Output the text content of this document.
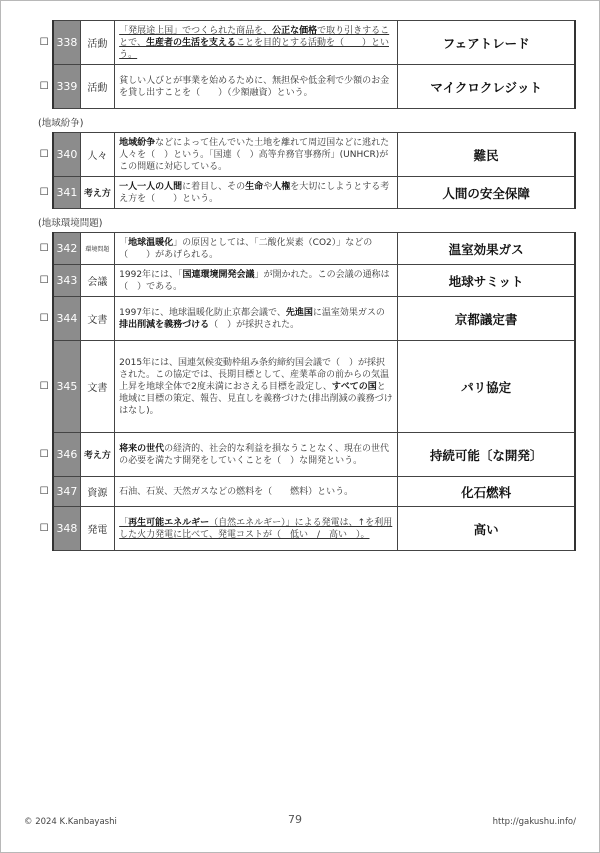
☐	338	活動	「発展途上国」でつくられた商品を、公正な価格で取り引きすることで、生産者の生活を支えることを目的とする活動を（　　）という。	フェアトレード
☐	339	活動	貧しい人びとが事業を始めるために、無担保や低金利で少額のお金を貸し出すことを（　　）（少額融資）という。	マイクロクレジット
(地域紛争)
☐	340	人々	地域紛争などによって住んでいた土地を離れて周辺国などに逃れた人々を（　）という。「国連（　）高等弁務官事務所」(UNHCR)がこの問題に対応している。	難民
☐	341	考え方	一人一人の人間に着目し、その生命や人権を大切にしようとする考え方を（　　）という。	人間の安全保障
(地球環境問題)
☐	342	環境問題	「地球温暖化」の原因としては、「二酸化炭素（CO2）」などの（　　）があげられる。	温室効果ガス
☐	343	会議	1992年には、「国連環境開発会議」が開かれた。この会議の通称は（　）である。	地球サミット
☐	344	文書	1997年に、地球温暖化防止京都会議で、先進国に温室効果ガスの排出削減を義務づける（　）が採択された。	京都議定書
☐	345	文書	2015年には、国連気候変動枠組み条約締約国会議で（　）が採択された。この協定では、長期目標として、産業革命の前からの気温上昇を地球全体で2度未満におさえる目標を設定し、すべての国と地域に目標の策定、報告、見直しを義務づけた(排出削減の義務づけはなし)。	パリ協定
☐	346	考え方	将来の世代の経済的、社会的な利益を損なうことなく、現在の世代の必要を満たす開発をしていくことを（　）な開発という。	持続可能〔な開発〕
☐	347	資源	石油、石炭、天然ガスなどの燃料を（　　燃料）という。	化石燃料
☐	348	発電	「再生可能エネルギー（自然エネルギー）」による発電は、↑を利用した火力発電に比べて、発電コストが（　低い　/　高い　）。	高い
© 2024 K.Kanbayashi	79	http://gakushu.info/
